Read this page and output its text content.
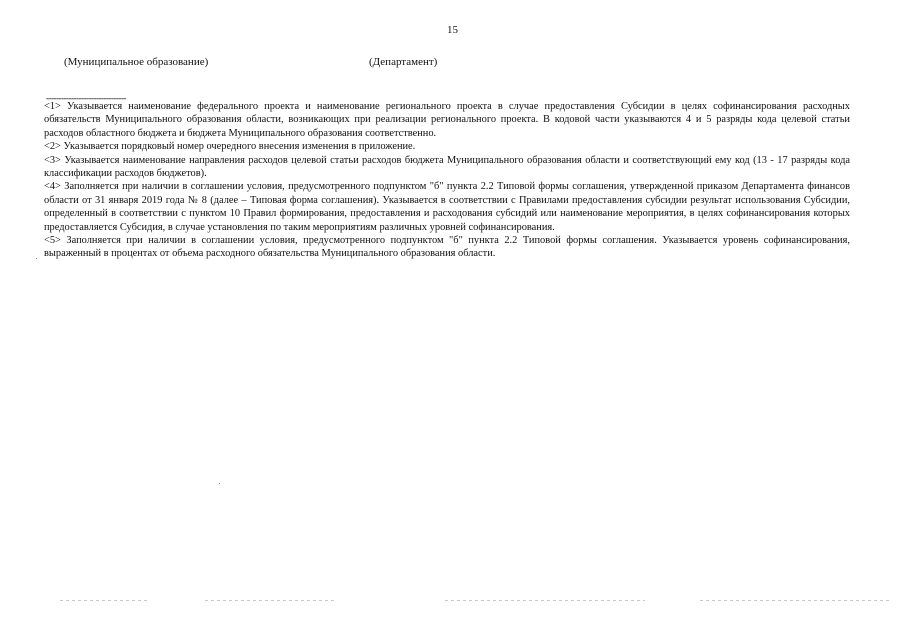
15
(Муниципальное образование)	(Департамент)
--------------------------------

<1> Указывается наименование федерального проекта и наименование регионального проекта в случае предоставления Субсидии в целях софинансирования расходных обязательств Муниципального образования области, возникающих при реализации регионального проекта. В кодовой части указываются 4 и 5 разряды кода целевой статьи расходов областного бюджета и бюджета Муниципального образования соответственно.

<2> Указывается порядковый номер очередного внесения изменения в приложение.

<3> Указывается наименование направления расходов целевой статьи расходов бюджета Муниципального образования области и соответствующий ему код (13 - 17 разряды кода классификации расходов бюджетов).

<4> Заполняется при наличии в соглашении условия, предусмотренного подпунктом "б" пункта 2.2 Типовой формы соглашения, утвержденной приказом Департамента финансов области от 31 января 2019 года № 8 (далее – Типовая форма соглашения). Указывается в соответствии с Правилами предоставления субсидии результат использования Субсидии, определенный в соответствии с пунктом 10 Правил формирования, предоставления и расходования субсидий или наименование мероприятия, в целях софинансирования которых предоставляется Субсидия, в случае установления по таким мероприятиям различных уровней софинансирования.

<5> Заполняется при наличии в соглашении условия, предусмотренного подпунктом "б" пункта 2.2 Типовой формы соглашения. Указывается уровень софинансирования, выраженный в процентах от объема расходного обязательства Муниципального образования области.
